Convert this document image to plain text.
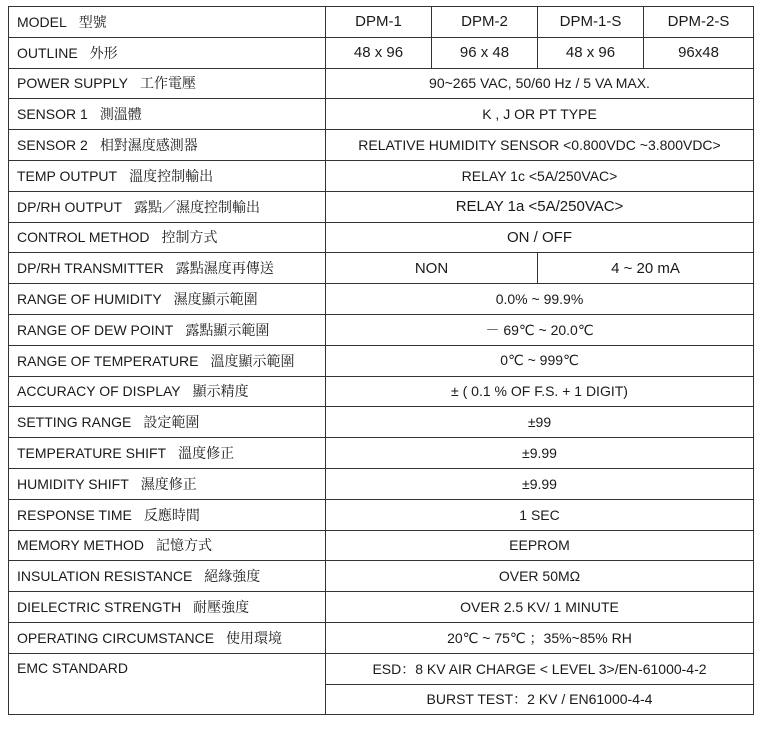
MODEL 型號	DPM-1	DPM-2	DPM-1-S	DPM-2-S
OUTLINE 外形	48 x 96	96 x 48	48 x 96	96x48
POWER SUPPLY 工作電壓	90~265 VAC, 50/60 Hz / 5 VA MAX.			
SENSOR 1 測溫體	K , J OR PT TYPE			
SENSOR 2 相對濕度感測器	RELATIVE HUMIDITY SENSOR <0.800VDC ~3.800VDC>			
TEMP OUTPUT 溫度控制輸出	RELAY 1c <5A/250VAC>			
DP/RH OUTPUT 露點／濕度控制輸出	RELAY 1a <5A/250VAC>			
CONTROL METHOD 控制方式	ON / OFF			
DP/RH TRANSMITTER 露點濕度再傳送	NON		4 ~ 20 mA	
RANGE OF HUMIDITY 濕度顯示範圍	0.0% ~ 99.9%			
RANGE OF DEW POINT 露點顯示範圍	－ 69℃ ~ 20.0℃			
RANGE OF TEMPERATURE 溫度顯示範圍	0℃ ~ 999℃			
ACCURACY OF DISPLAY 顯示精度	± ( 0.1 % OF F.S. + 1 DIGIT)			
SETTING RANGE 設定範圍	±99			
TEMPERATURE SHIFT 溫度修正	±9.99			
HUMIDITY SHIFT 濕度修正	±9.99			
RESPONSE TIME 反應時間	1 SEC			
MEMORY METHOD 記憶方式	EEPROM			
INSULATION RESISTANCE 絕緣強度	OVER 50MΩ			
DIELECTRIC STRENGTH 耐壓強度	OVER 2.5 KV/ 1 MINUTE			
OPERATING CIRCUMSTANCE 使用環境	20℃ ~ 75℃ ；35%~85% RH			
EMC STANDARD	ESD：8 KV AIR CHARGE < LEVEL 3>/EN-61000-4-2			
	BURST TEST：2 KV / EN61000-4-4			
